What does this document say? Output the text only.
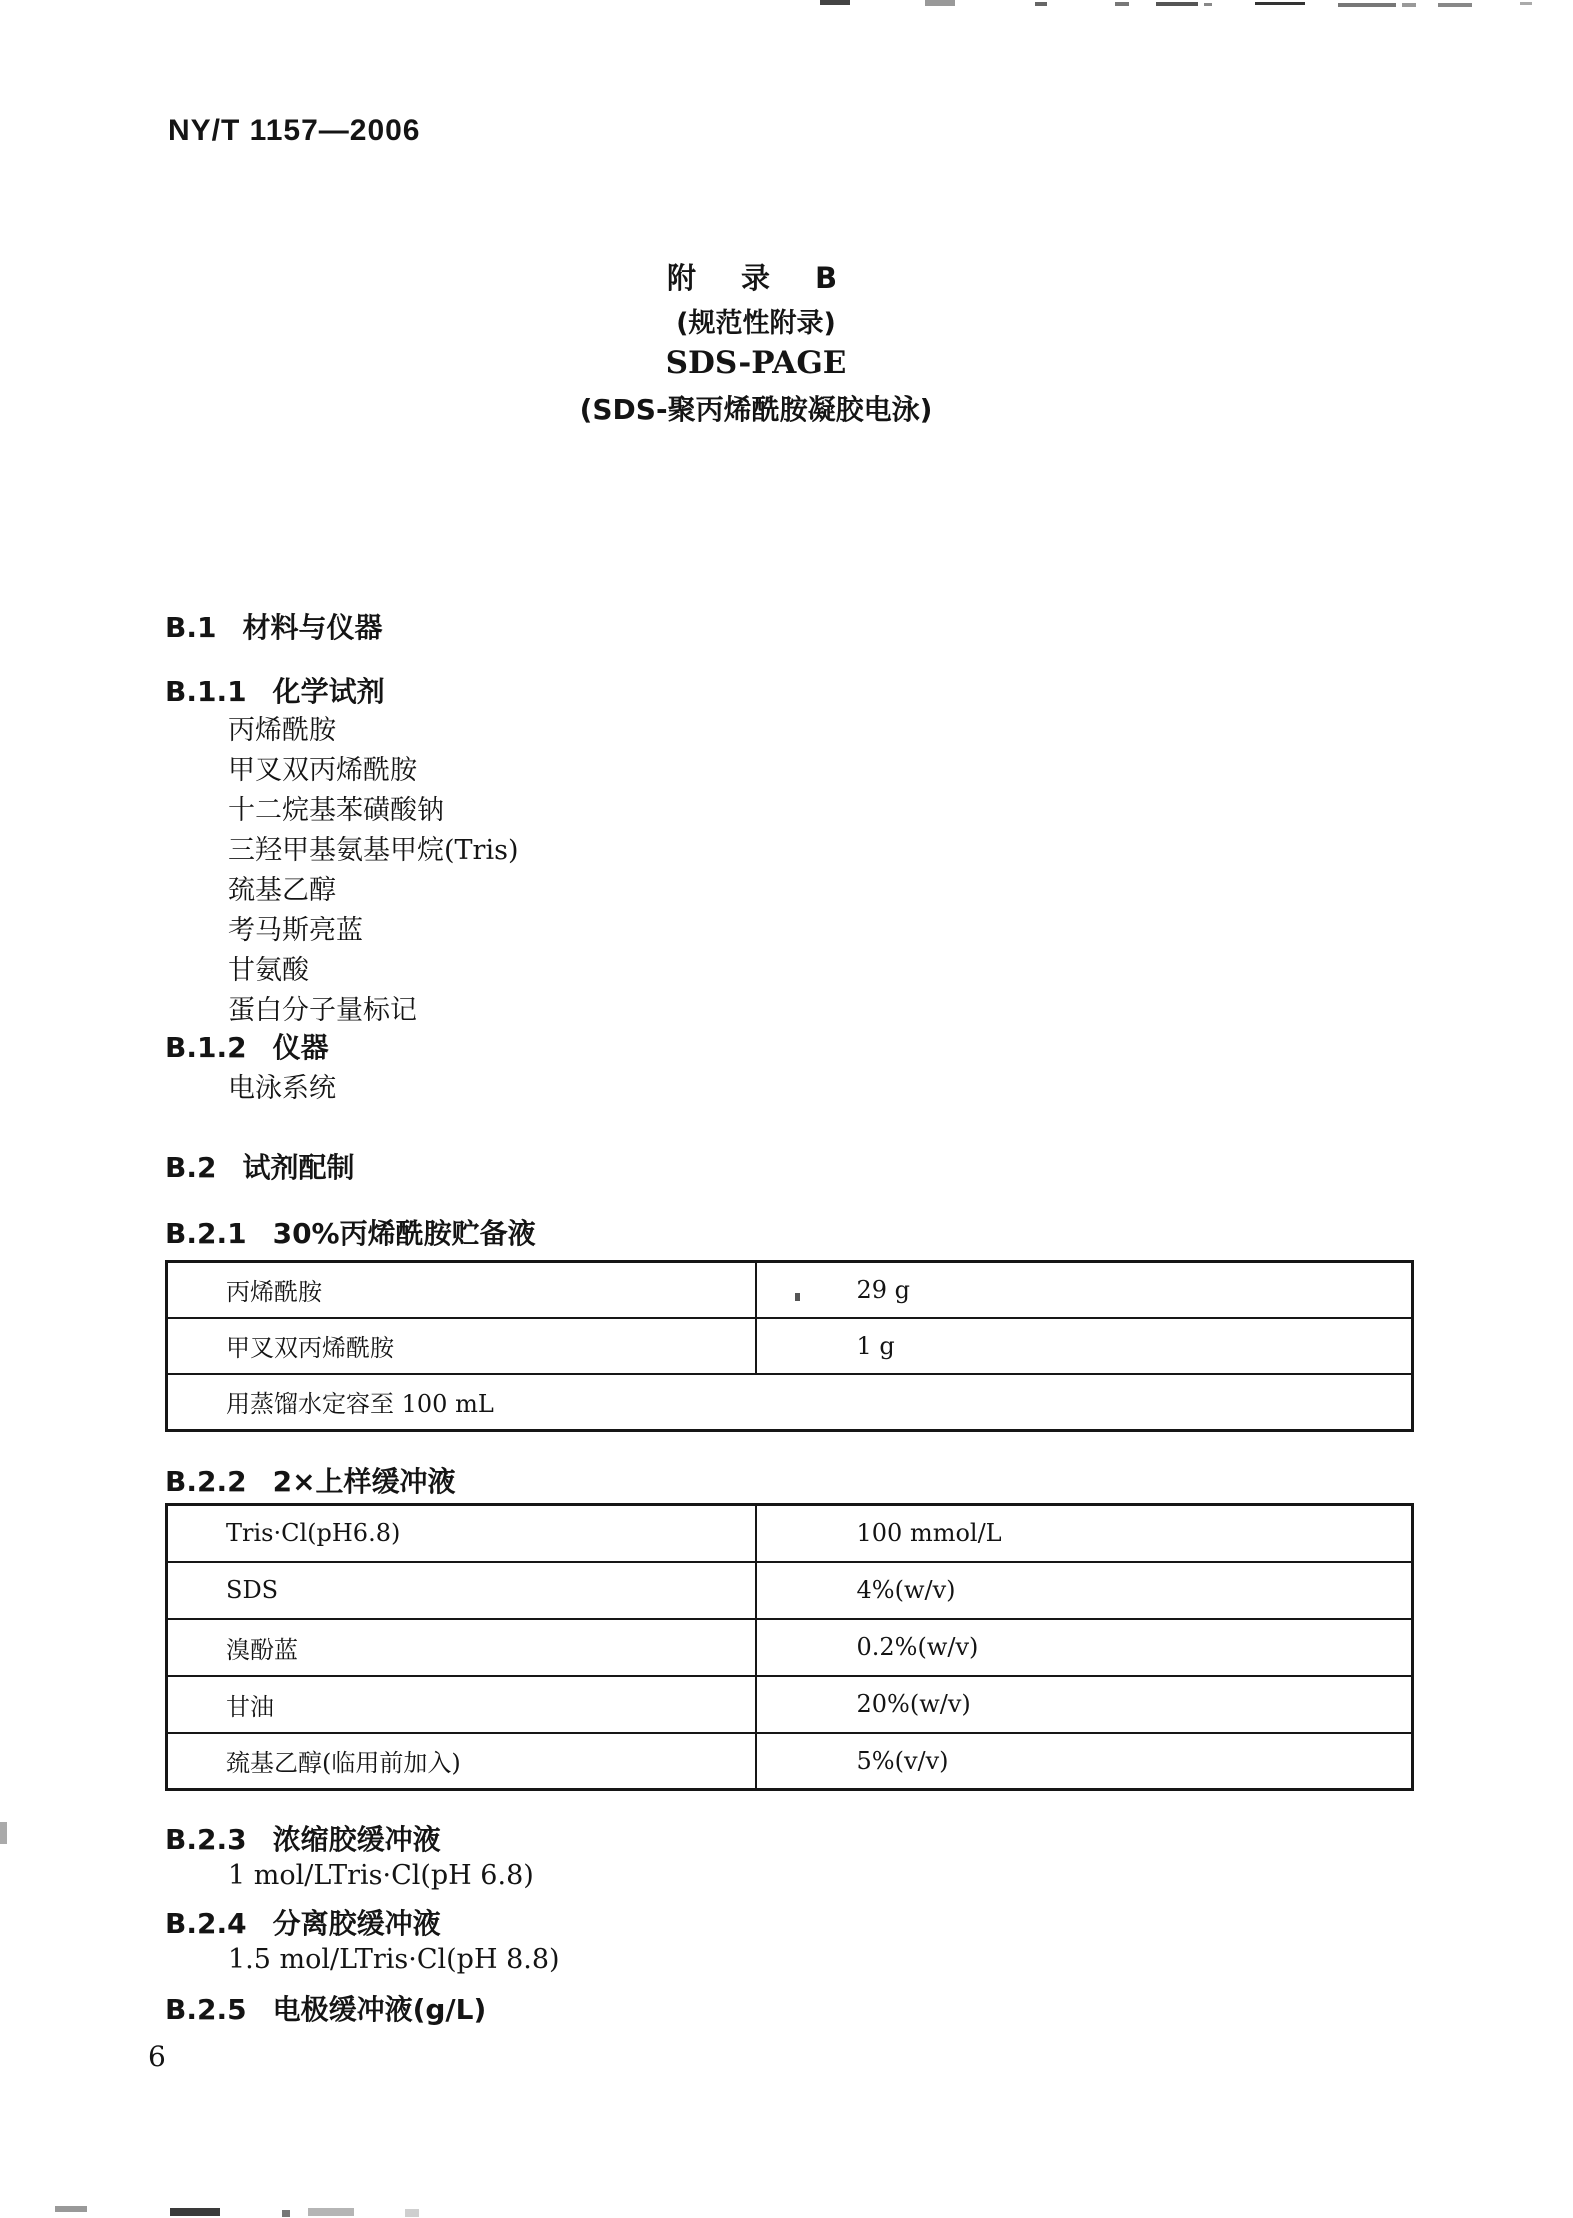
NY/T 1157—2006
附　录　B
(规范性附录)
SDS-PAGE
(SDS-聚丙烯酰胺凝胶电泳)
B.1 材料与仪器
B.1.1 化学试剂
丙烯酰胺
甲叉双丙烯酰胺
十二烷基苯磺酸钠
三羟甲基氨基甲烷(Tris)
巯基乙醇
考马斯亮蓝
甘氨酸
蛋白分子量标记
B.1.2 仪器
电泳系统
B.2 试剂配制
B.2.1 30%丙烯酰胺贮备液
丙烯酰胺	29 g
甲叉双丙烯酰胺	1 g
用蒸馏水定容至 100 mL	
B.2.2 2×上样缓冲液
Tris·Cl(pH6.8)	100 mmol/L
SDS	4%(w/v)
溴酚蓝	0.2%(w/v)
甘油	20%(w/v)
巯基乙醇(临用前加入)	5%(v/v)
B.2.3 浓缩胶缓冲液
1 mol/LTris·Cl(pH 6.8)
B.2.4 分离胶缓冲液
1.5 mol/LTris·Cl(pH 8.8)
B.2.5 电极缓冲液(g/L)
6
